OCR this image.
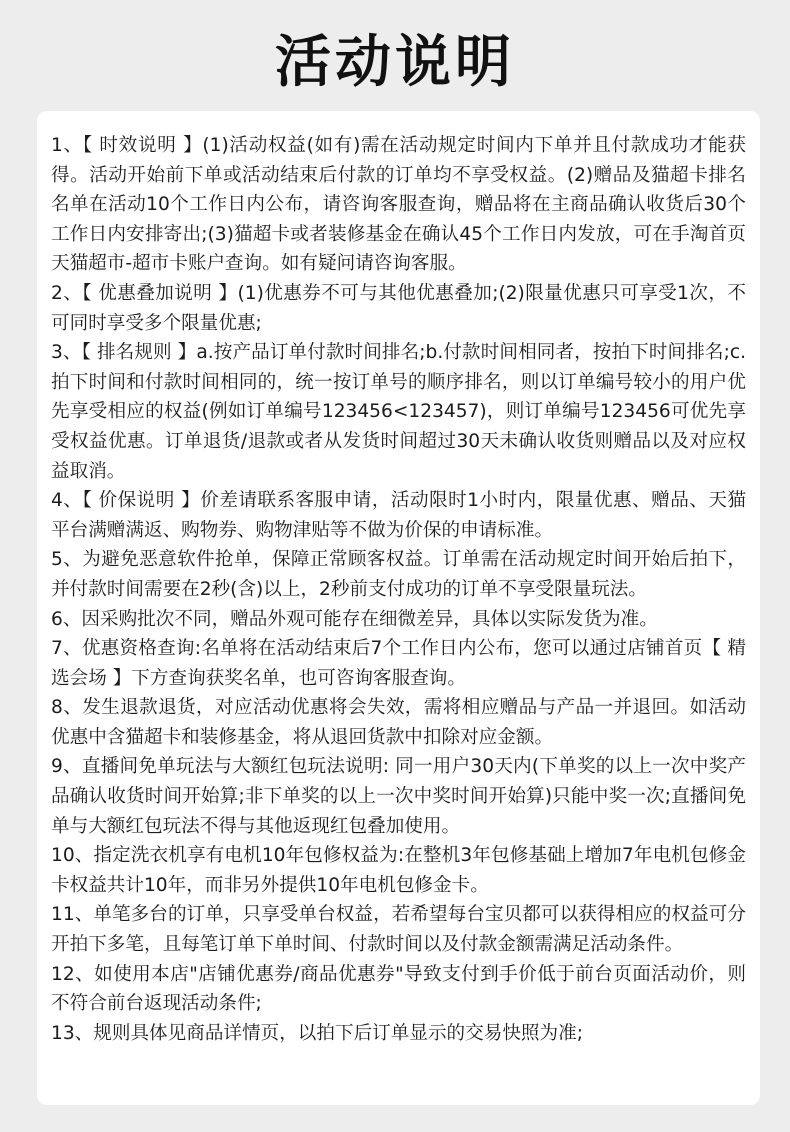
活动说明
1、【 时效说明 】(1)活动权益(如有)需在活动规定时间内下单并且付款成功才能获得。活动开始前下单或活动结束后付款的订单均不享受权益。(2)赠品及猫超卡排名名单在活动10个工作日内公布，请咨询客服查询，赠品将在主商品确认收货后30个工作日内安排寄出;(3)猫超卡或者装修基金在确认45个工作日内发放，可在手淘首页天猫超市-超市卡账户查询。如有疑问请咨询客服。
2、【 优惠叠加说明 】(1)优惠券不可与其他优惠叠加;(2)限量优惠只可享受1次，不可同时享受多个限量优惠;
3、【 排名规则 】a.按产品订单付款时间排名;b.付款时间相同者，按拍下时间排名;c.拍下时间和付款时间相同的，统一按订单号的顺序排名，则以订单编号较小的用户优先享受相应的权益(例如订单编号123456<123457)，则订单编号123456可优先享受权益优惠。订单退货/退款或者从发货时间超过30天未确认收货则赠品以及对应权益取消。
4、【 价保说明 】价差请联系客服申请，活动限时1小时内，限量优惠、赠品、天猫平台满赠满返、购物券、购物津贴等不做为价保的申请标准。
5、为避免恶意软件抢单，保障正常顾客权益。订单需在活动规定时间开始后拍下，并付款时间需要在2秒(含)以上，2秒前支付成功的订单不享受限量玩法。
6、因采购批次不同，赠品外观可能存在细微差异，具体以实际发货为准。
7、优惠资格查询:名单将在活动结束后7个工作日内公布，您可以通过店铺首页【 精选会场 】下方查询获奖名单，也可咨询客服查询。
8、发生退款退货，对应活动优惠将会失效，需将相应赠品与产品一并退回。如活动优惠中含猫超卡和装修基金，将从退回货款中扣除对应金额。
9、直播间免单玩法与大额红包玩法说明: 同一用户30天内(下单奖的以上一次中奖产品确认收货时间开始算;非下单奖的以上一次中奖时间开始算)只能中奖一次;直播间免单与大额红包玩法不得与其他返现红包叠加使用。
10、指定洗衣机享有电机10年包修权益为:在整机3年包修基础上增加7年电机包修金卡权益共计10年，而非另外提供10年电机包修金卡。
11、单笔多台的订单，只享受单台权益，若希望每台宝贝都可以获得相应的权益可分开拍下多笔，且每笔订单下单时间、付款时间以及付款金额需满足活动条件。
12、如使用本店"店铺优惠券/商品优惠券"导致支付到手价低于前台页面活动价，则不符合前台返现活动条件;
13、规则具体见商品详情页，以拍下后订单显示的交易快照为准;
